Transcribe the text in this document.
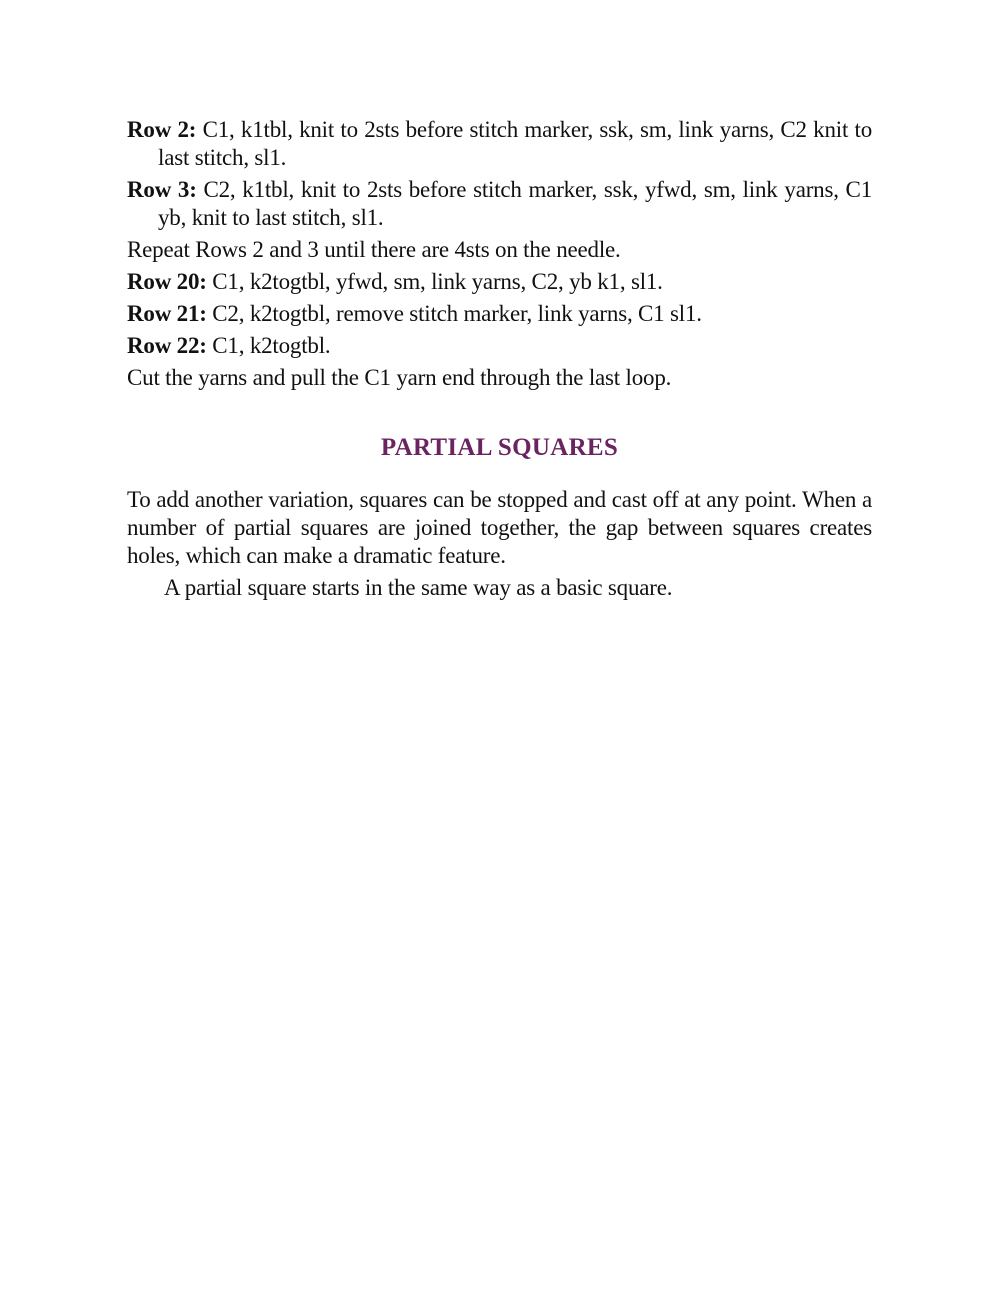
Row 2: C1, k1tbl, knit to 2sts before stitch marker, ssk, sm, link yarns, C2 knit to last stitch, sl1.

Row 3: C2, k1tbl, knit to 2sts before stitch marker, ssk, yfwd, sm, link yarns, C1 yb, knit to last stitch, sl1.

Repeat Rows 2 and 3 until there are 4sts on the needle.

Row 20: C1, k2togtbl, yfwd, sm, link yarns, C2, yb k1, sl1.

Row 21: C2, k2togtbl, remove stitch marker, link yarns, C1 sl1.

Row 22: C1, k2togtbl.

Cut the yarns and pull the C1 yarn end through the last loop.

PARTIAL SQUARES

To add another variation, squares can be stopped and cast off at any point. When a number of partial squares are joined together, the gap between squares creates holes, which can make a dramatic feature.

A partial square starts in the same way as a basic square.
